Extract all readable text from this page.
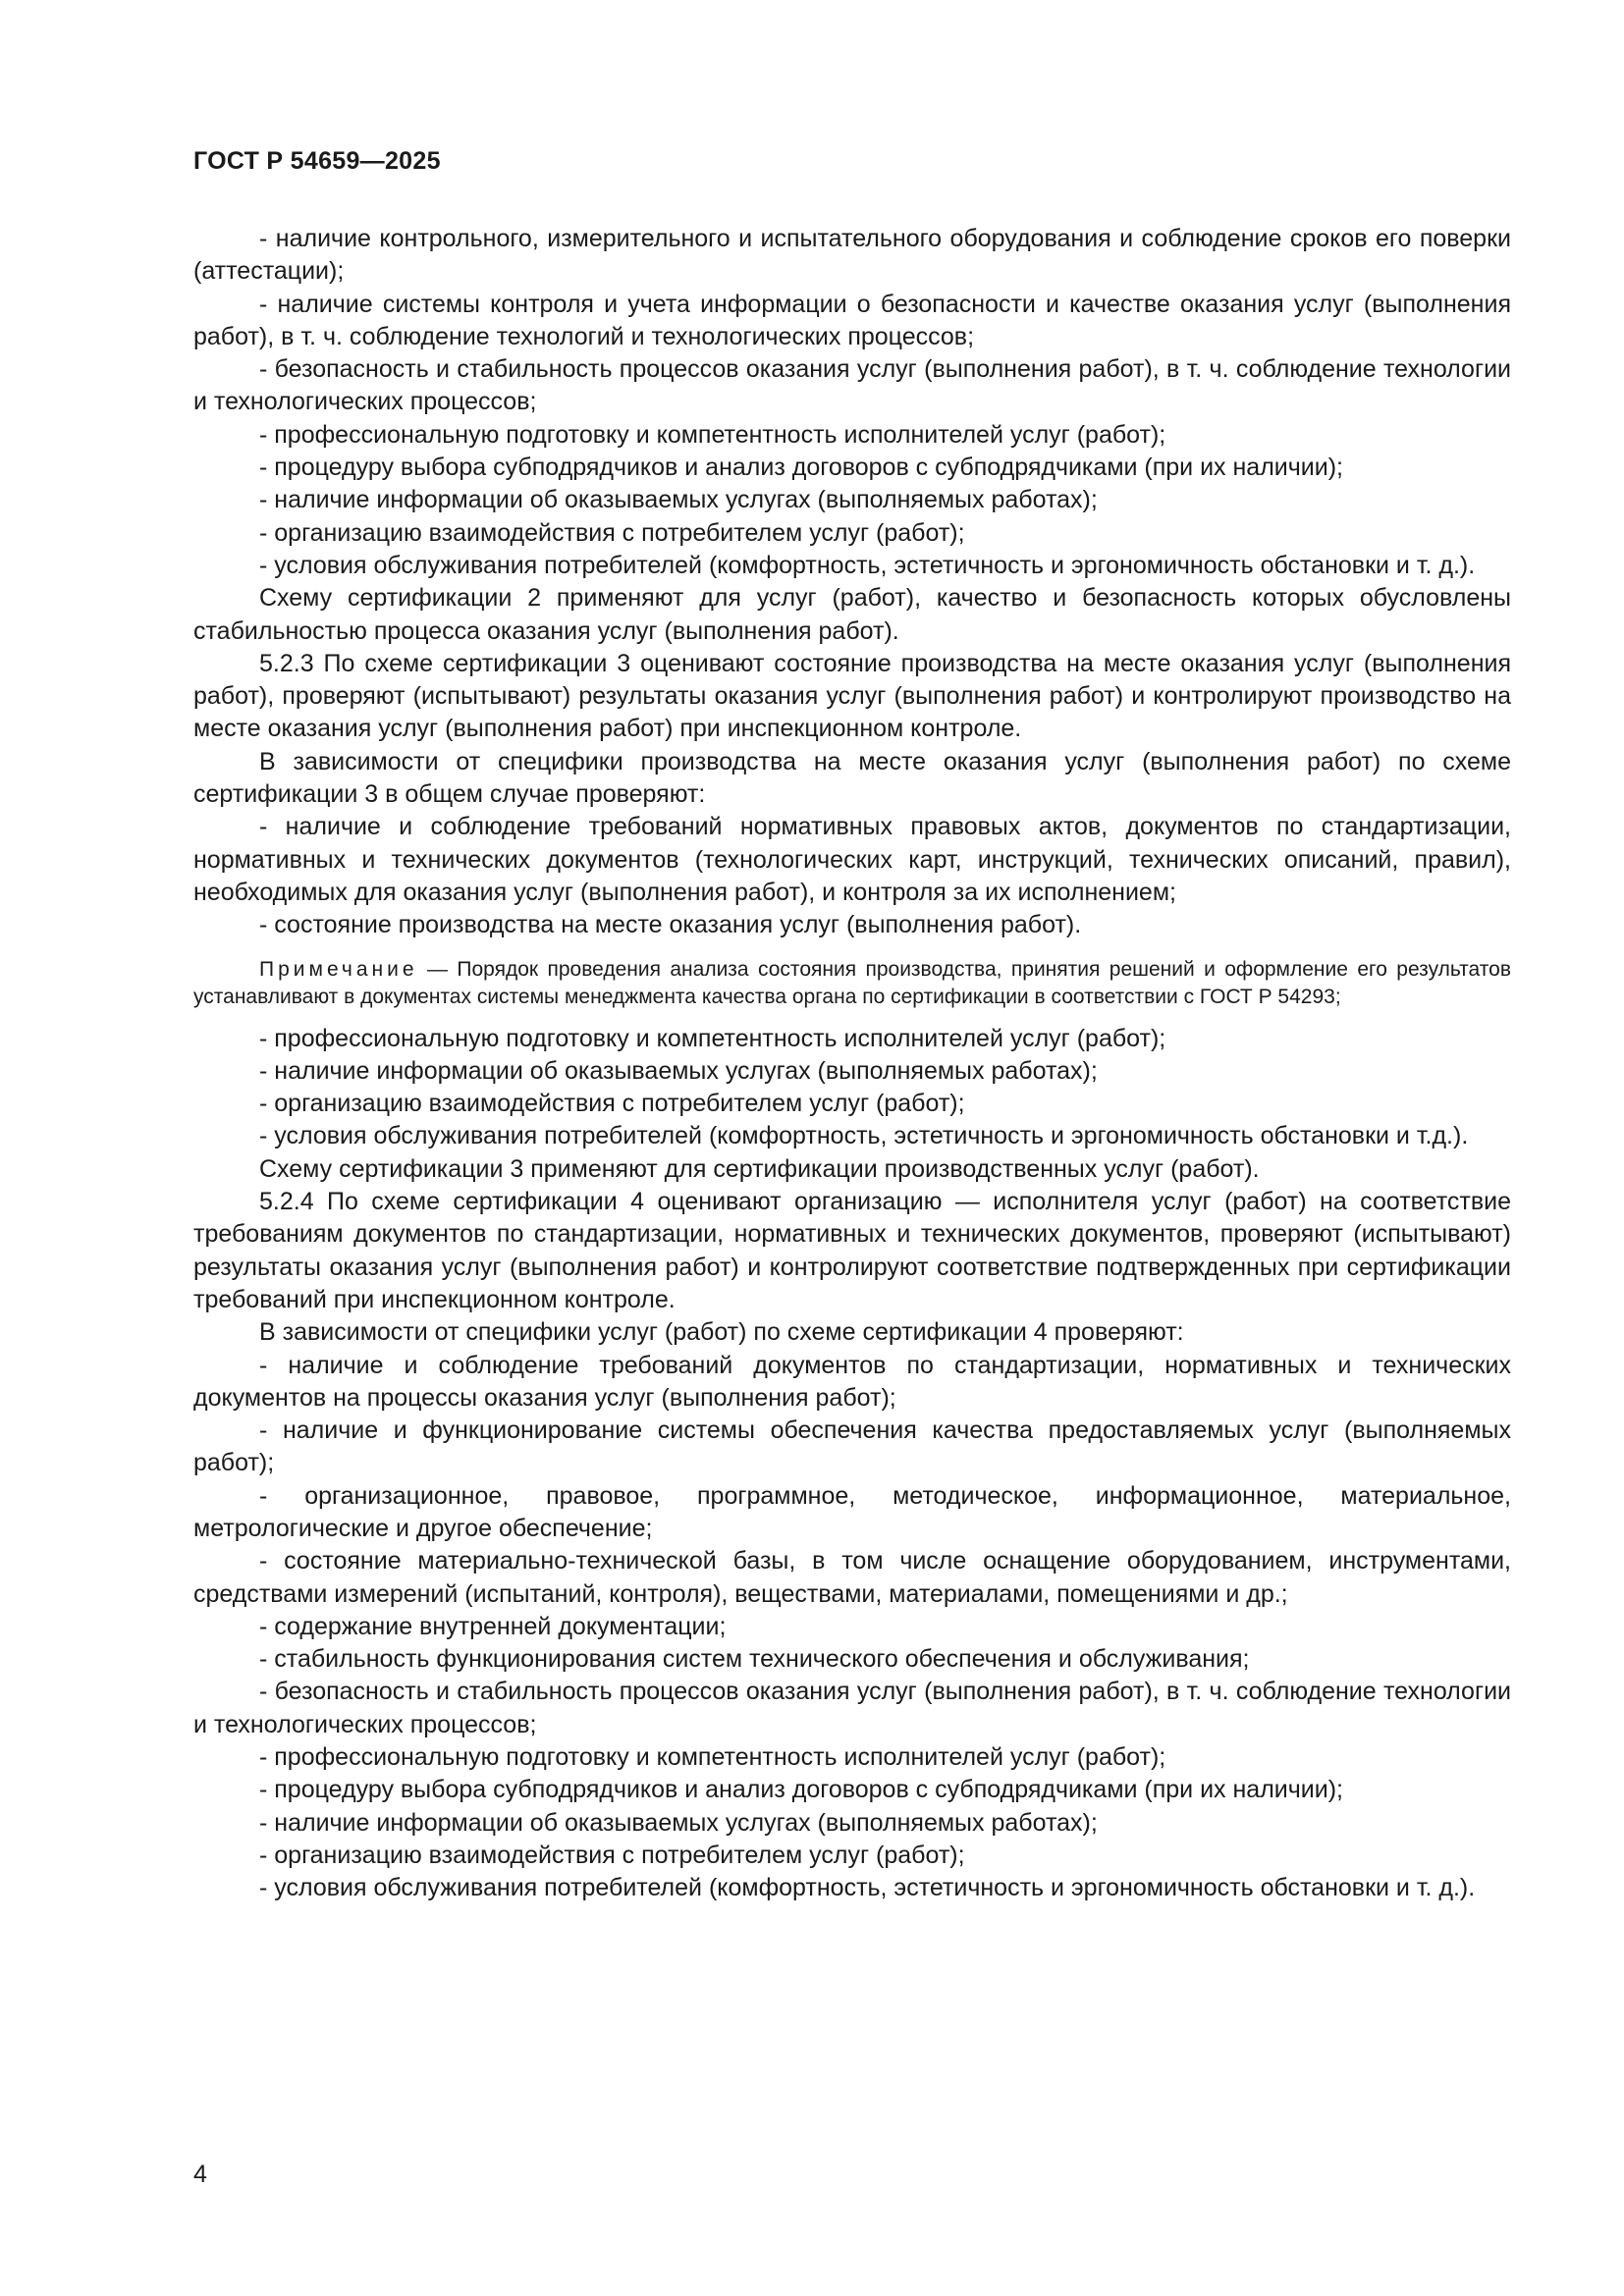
ГОСТ Р 54659—2025

- наличие контрольного, измерительного и испытательного оборудования и соблюдение сроков его поверки (аттестации);

- наличие системы контроля и учета информации о безопасности и качестве оказания услуг (выполнения работ), в т. ч. соблюдение технологий и технологических процессов;

- безопасность и стабильность процессов оказания услуг (выполнения работ), в т. ч. соблюдение технологии и технологических процессов;

- профессиональную подготовку и компетентность исполнителей услуг (работ);

- процедуру выбора субподрядчиков и анализ договоров с субподрядчиками (при их наличии);

- наличие информации об оказываемых услугах (выполняемых работах);

- организацию взаимодействия с потребителем услуг (работ);

- условия обслуживания потребителей (комфортность, эстетичность и эргономичность обстановки и т. д.).

Схему сертификации 2 применяют для услуг (работ), качество и безопасность которых обусловлены стабильностью процесса оказания услуг (выполнения работ).

5.2.3 По схеме сертификации 3 оценивают состояние производства на месте оказания услуг (выполнения работ), проверяют (испытывают) результаты оказания услуг (выполнения работ) и контролируют производство на месте оказания услуг (выполнения работ) при инспекционном контроле.

В зависимости от специфики производства на месте оказания услуг (выполнения работ) по схеме сертификации 3 в общем случае проверяют:

- наличие и соблюдение требований нормативных правовых актов, документов по стандартизации, нормативных и технических документов (технологических карт, инструкций, технических описаний, правил), необходимых для оказания услуг (выполнения работ), и контроля за их исполнением;

- состояние производства на месте оказания услуг (выполнения работ).

Примечание — Порядок проведения анализа состояния производства, принятия решений и оформление его результатов устанавливают в документах системы менеджмента качества органа по сертификации в соответствии с ГОСТ Р 54293;

- профессиональную подготовку и компетентность исполнителей услуг (работ);

- наличие информации об оказываемых услугах (выполняемых работах);

- организацию взаимодействия с потребителем услуг (работ);

- условия обслуживания потребителей (комфортность, эстетичность и эргономичность обстановки и т.д.).

Схему сертификации 3 применяют для сертификации производственных услуг (работ).

5.2.4 По схеме сертификации 4 оценивают организацию — исполнителя услуг (работ) на соответствие требованиям документов по стандартизации, нормативных и технических документов, проверяют (испытывают) результаты оказания услуг (выполнения работ) и контролируют соответствие подтвержденных при сертификации требований при инспекционном контроле.

В зависимости от специфики услуг (работ) по схеме сертификации 4 проверяют:

- наличие и соблюдение требований документов по стандартизации, нормативных и технических документов на процессы оказания услуг (выполнения работ);

- наличие и функционирование системы обеспечения качества предоставляемых услуг (выполняемых работ);

- организационное, правовое, программное, методическое, информационное, материальное, метрологические и другое обеспечение;

- состояние материально-технической базы, в том числе оснащение оборудованием, инструментами, средствами измерений (испытаний, контроля), веществами, материалами, помещениями и др.;

- содержание внутренней документации;

- стабильность функционирования систем технического обеспечения и обслуживания;

- безопасность и стабильность процессов оказания услуг (выполнения работ), в т. ч. соблюдение технологии и технологических процессов;

- профессиональную подготовку и компетентность исполнителей услуг (работ);

- процедуру выбора субподрядчиков и анализ договоров с субподрядчиками (при их наличии);

- наличие информации об оказываемых услугах (выполняемых работах);

- организацию взаимодействия с потребителем услуг (работ);

- условия обслуживания потребителей (комфортность, эстетичность и эргономичность обстановки и т. д.).

4
